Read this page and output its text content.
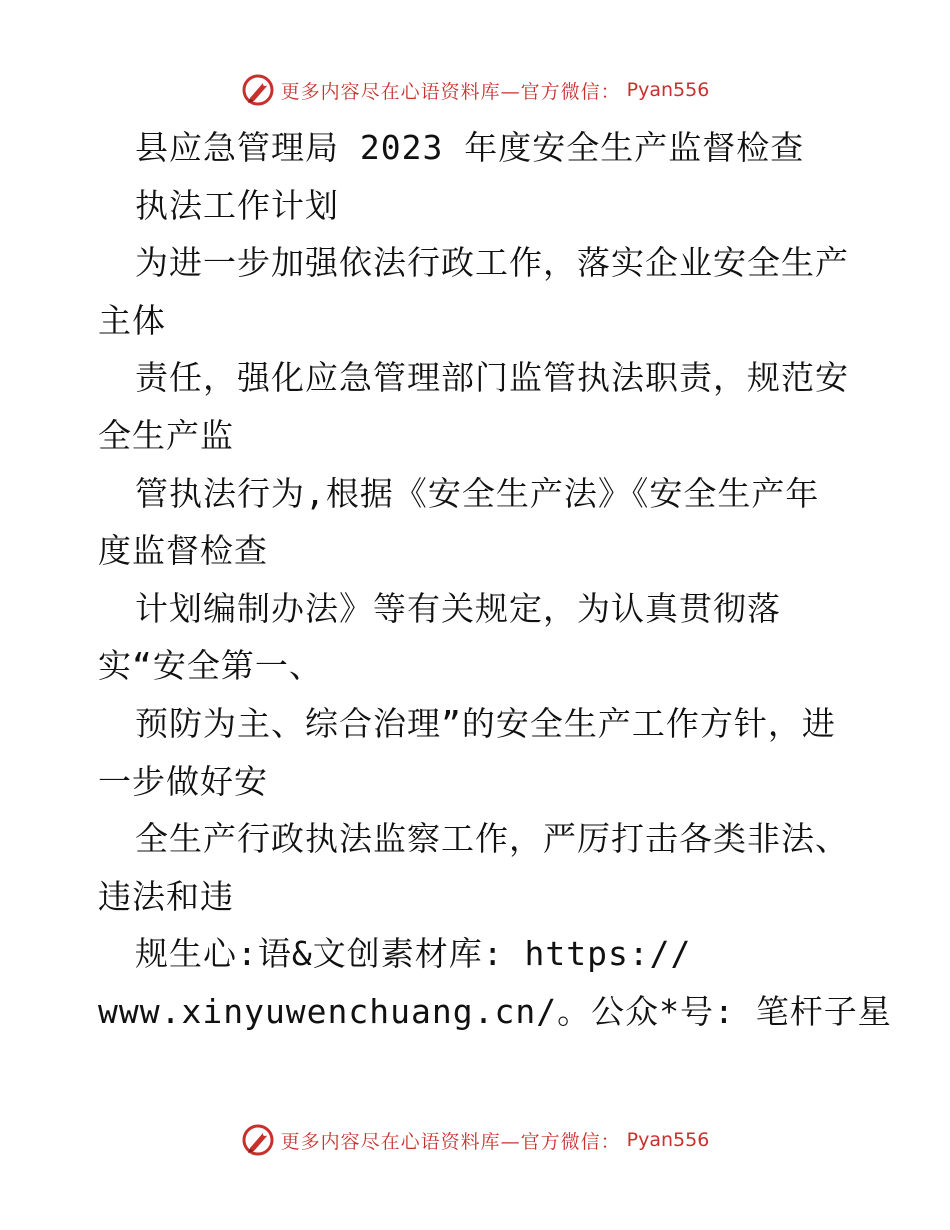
更多内容尽在心语资料库—官方微信： Pyan556
县应急管理局 2023 年度安全生产监督检查
执法工作计划
为进一步加强依法行政工作，落实企业安全生产
主体
责任，强化应急管理部门监管执法职责，规范安
全生产监
管执法行为,根据《安全生产法》《安全生产年
度监督检查
计划编制办法》等有关规定，为认真贯彻落
实“安全第一、
预防为主、综合治理”的安全生产工作方针，进
一步做好安
全生产行政执法监察工作，严厉打击各类非法、
违法和违
规生心:语&文创素材库: https://
www.xinyuwenchuang.cn/。公众*号: 笔杆子星
更多内容尽在心语资料库—官方微信： Pyan556
